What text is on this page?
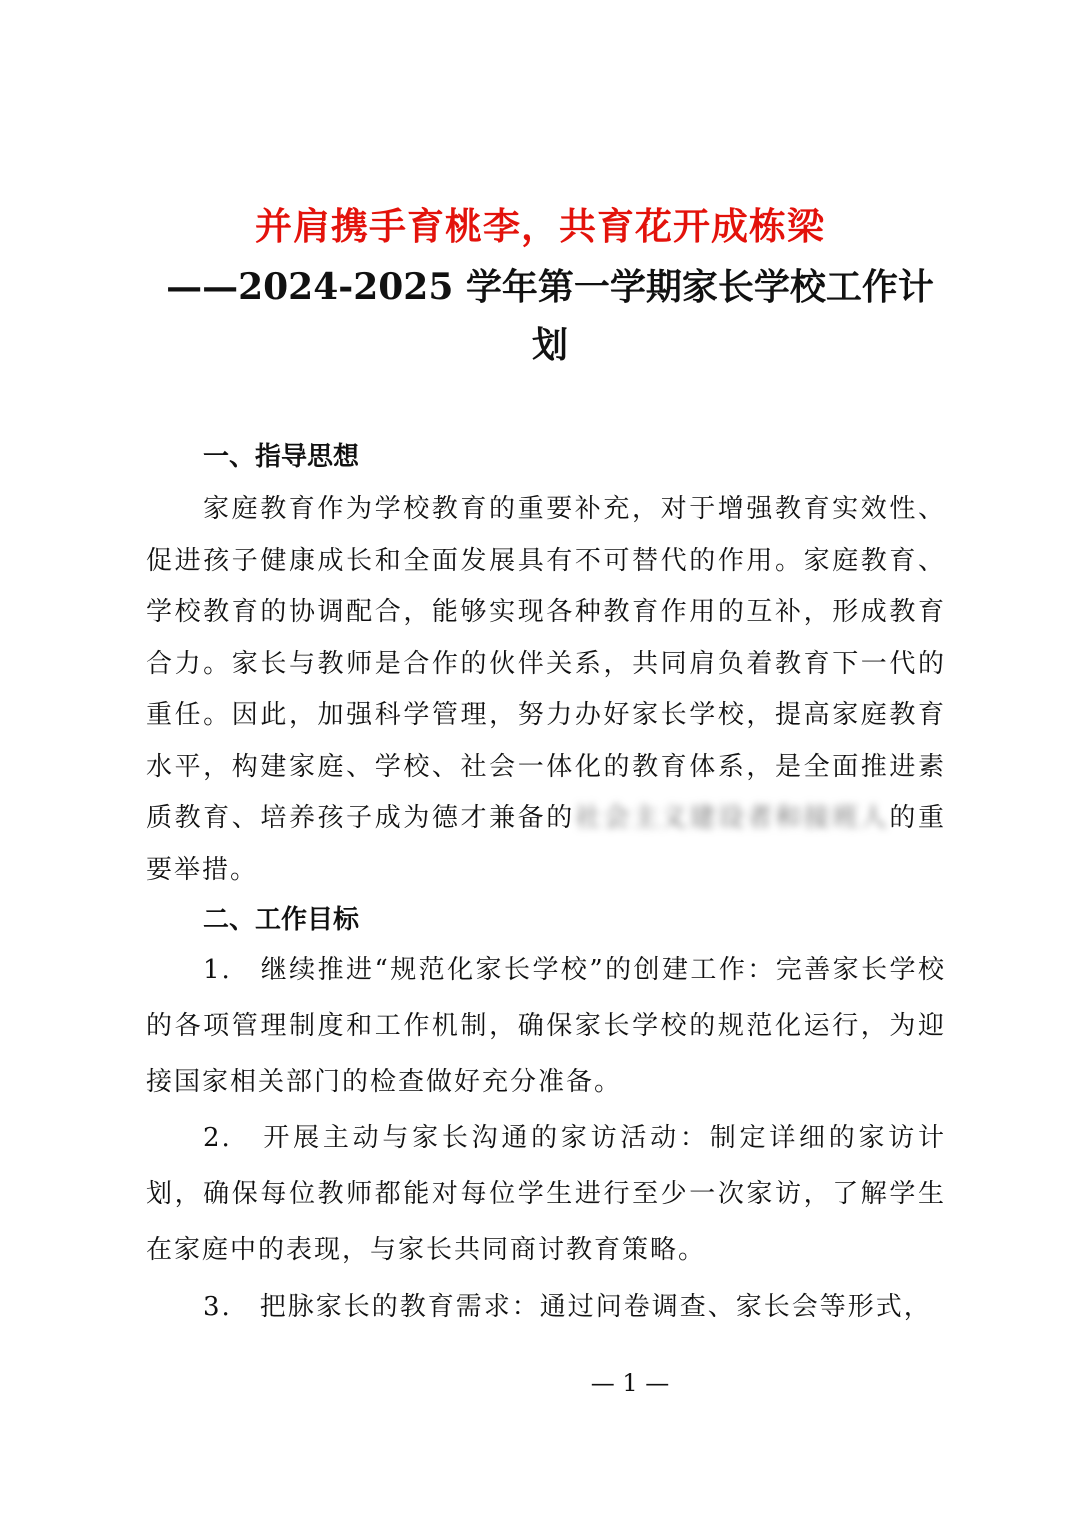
并肩携手育桃李，共育花开成栋梁
——2024-2025 学年第一学期家长学校工作计划
一、指导思想
家庭教育作为学校教育的重要补充，对于增强教育实效性、促进孩子健康成长和全面发展具有不可替代的作用。家庭教育、学校教育的协调配合，能够实现各种教育作用的互补，形成教育合力。家长与教师是合作的伙伴关系，共同肩负着教育下一代的重任。因此，加强科学管理，努力办好家长学校，提高家庭教育水平，构建家庭、学校、社会一体化的教育体系，是全面推进素质教育、培养孩子成为德才兼备的社会主义建设者和接班人的重要举措。
二、工作目标
1.　继续推进“规范化家长学校”的创建工作：完善家长学校的各项管理制度和工作机制，确保家长学校的规范化运行，为迎接国家相关部门的检查做好充分准备。
2.　开展主动与家长沟通的家访活动：制定详细的家访计划，确保每位教师都能对每位学生进行至少一次家访，了解学生在家庭中的表现，与家长共同商讨教育策略。
3.　把脉家长的教育需求：通过问卷调查、家长会等形式，
— 1 —
